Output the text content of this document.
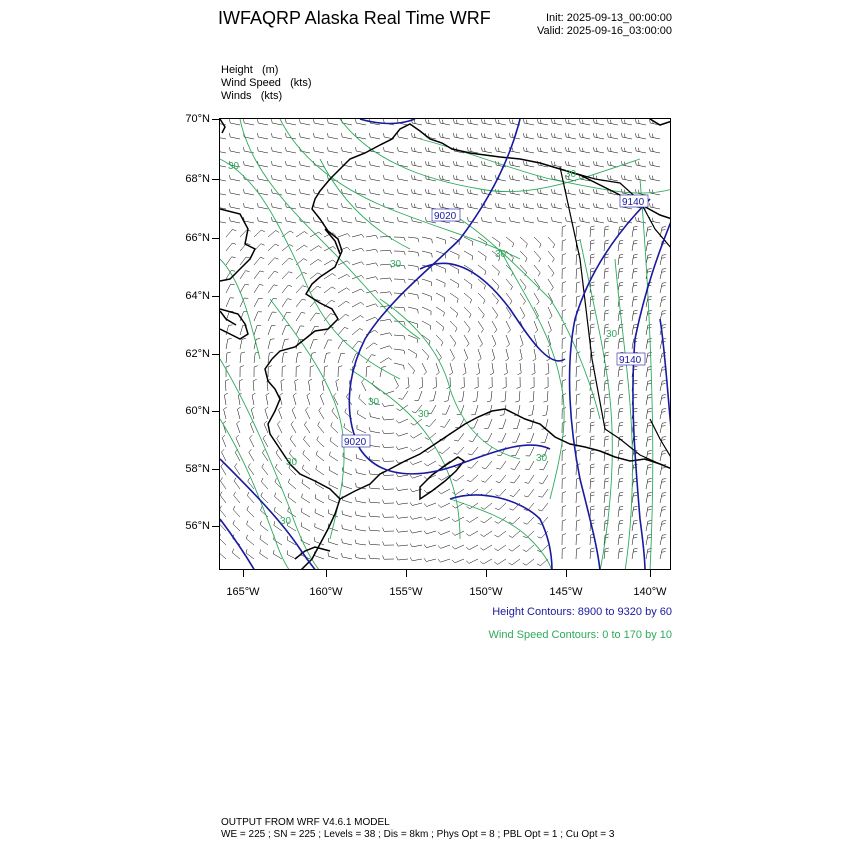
IWFAQRP Alaska Real Time WRF	Init: 2025-09-13_00:00:00
Valid: 2025-09-16_03:00:00
Height   (m)
Wind Speed   (kts)
Winds   (kts)
70°N
68°N
66°N
64°N
62°N
60°N
58°N
56°N
165°W	160°W	155°W	150°W	145°W	140°W
9020
9140
9140
9020
30
30
30
30
30
30
30
30
30
30
Height Contours: 8900 to 9320 by 60
Wind Speed Contours: 0 to 170 by 10
OUTPUT FROM WRF V4.6.1 MODEL
WE = 225 ; SN = 225 ; Levels = 38 ; Dis = 8km ; Phys Opt = 8 ; PBL Opt = 1 ; Cu Opt = 3
